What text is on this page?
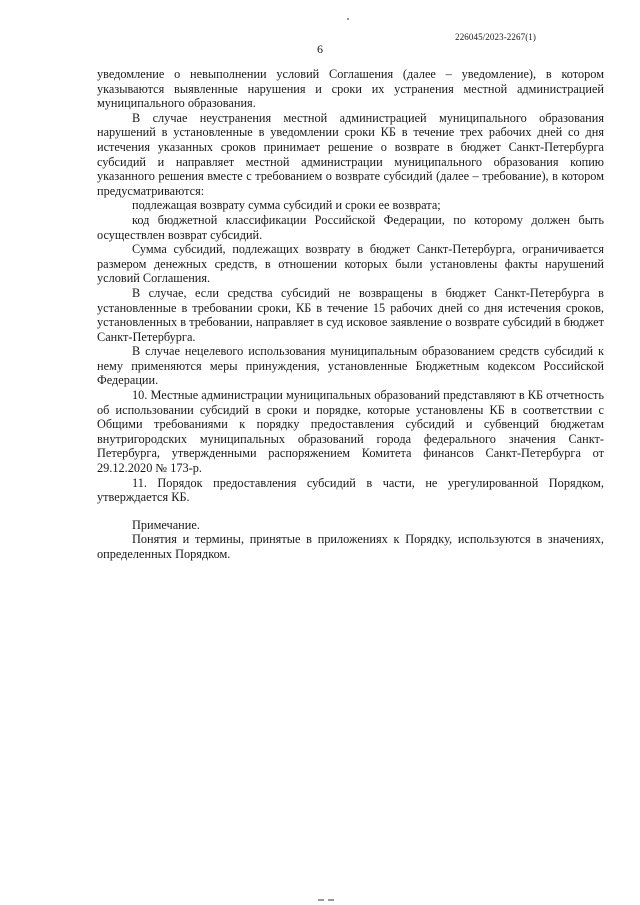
226045/2023-2267(1)
6

уведомление о невыполнении условий Соглашения (далее – уведомление), в котором указываются выявленные нарушения и сроки их устранения местной администрацией муниципального образования.

В случае неустранения местной администрацией муниципального образования нарушений в установленные в уведомлении сроки КБ в течение трех рабочих дней со дня истечения указанных сроков принимает решение о возврате в бюджет Санкт-Петербурга субсидий и направляет местной администрации муниципального образования копию указанного решения вместе с требованием о возврате субсидий (далее – требование), в котором предусматриваются:

подлежащая возврату сумма субсидий и сроки ее возврата;

код бюджетной классификации Российской Федерации, по которому должен быть осуществлен возврат субсидий.

Сумма субсидий, подлежащих возврату в бюджет Санкт-Петербурга, ограничивается размером денежных средств, в отношении которых были установлены факты нарушений условий Соглашения.

В случае, если средства субсидий не возвращены в бюджет Санкт-Петербурга в установленные в требовании сроки, КБ в течение 15 рабочих дней со дня истечения сроков, установленных в требовании, направляет в суд исковое заявление о возврате субсидий в бюджет Санкт-Петербурга.

В случае нецелевого использования муниципальным образованием средств субсидий к нему применяются меры принуждения, установленные Бюджетным кодексом Российской Федерации.

10. Местные администрации муниципальных образований представляют в КБ отчетность об использовании субсидий в сроки и порядке, которые установлены КБ в соответствии с Общими требованиями к порядку предоставления субсидий и субвенций бюджетам внутригородских муниципальных образований города федерального значения Санкт-Петербурга, утвержденными распоряжением Комитета финансов Санкт-Петербурга от 29.12.2020 № 173-р.

11. Порядок предоставления субсидий в части, не урегулированной Порядком, утверждается КБ.

Примечание.

Понятия и термины, принятые в приложениях к Порядку, используются в значениях, определенных Порядком.
